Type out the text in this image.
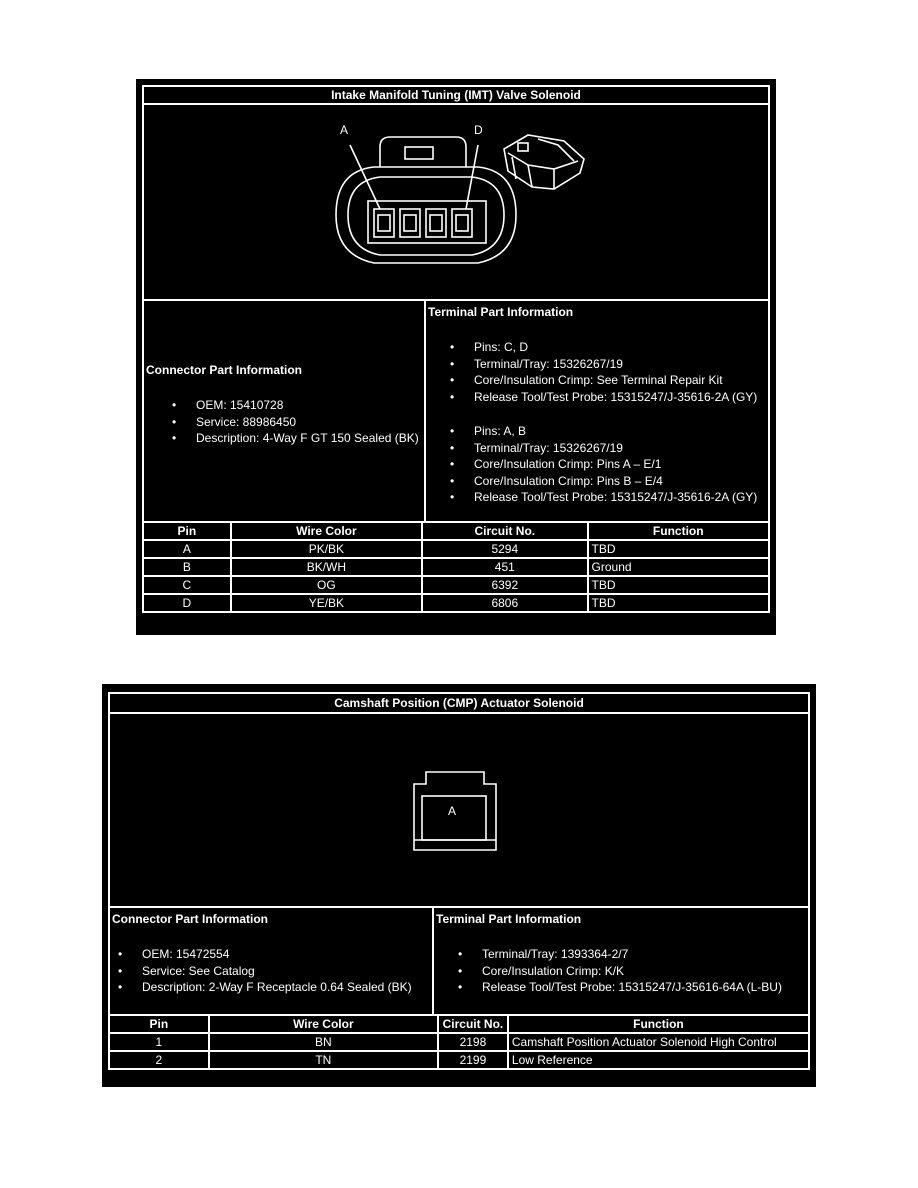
Intake Manifold Tuning (IMT) Valve Solenoid
A	D
Connector Part Information
• OEM: 15410728
• Service: 88986450
• Description: 4-Way F GT 150 Sealed (BK)
Terminal Part Information
• Pins: C, D
• Terminal/Tray: 15326267/19
• Core/Insulation Crimp: See Terminal Repair Kit
• Release Tool/Test Probe: 15315247/J-35616-2A (GY)
• Pins: A, B
• Terminal/Tray: 15326267/19
• Core/Insulation Crimp: Pins A – E/1
• Core/Insulation Crimp: Pins B – E/4
• Release Tool/Test Probe: 15315247/J-35616-2A (GY)
Pin	Wire Color	Circuit No.	Function
A	PK/BK	5294	TBD
B	BK/WH	451	Ground
C	OG	6392	TBD
D	YE/BK	6806	TBD
Camshaft Position (CMP) Actuator Solenoid
A
Connector Part Information
• OEM: 15472554
• Service: See Catalog
• Description: 2-Way F Receptacle 0.64 Sealed (BK)
Terminal Part Information
• Terminal/Tray: 1393364-2/7
• Core/Insulation Crimp: K/K
• Release Tool/Test Probe: 15315247/J-35616-64A (L-BU)
Pin	Wire Color	Circuit No.	Function
1	BN	2198	Camshaft Position Actuator Solenoid High Control
2	TN	2199	Low Reference
